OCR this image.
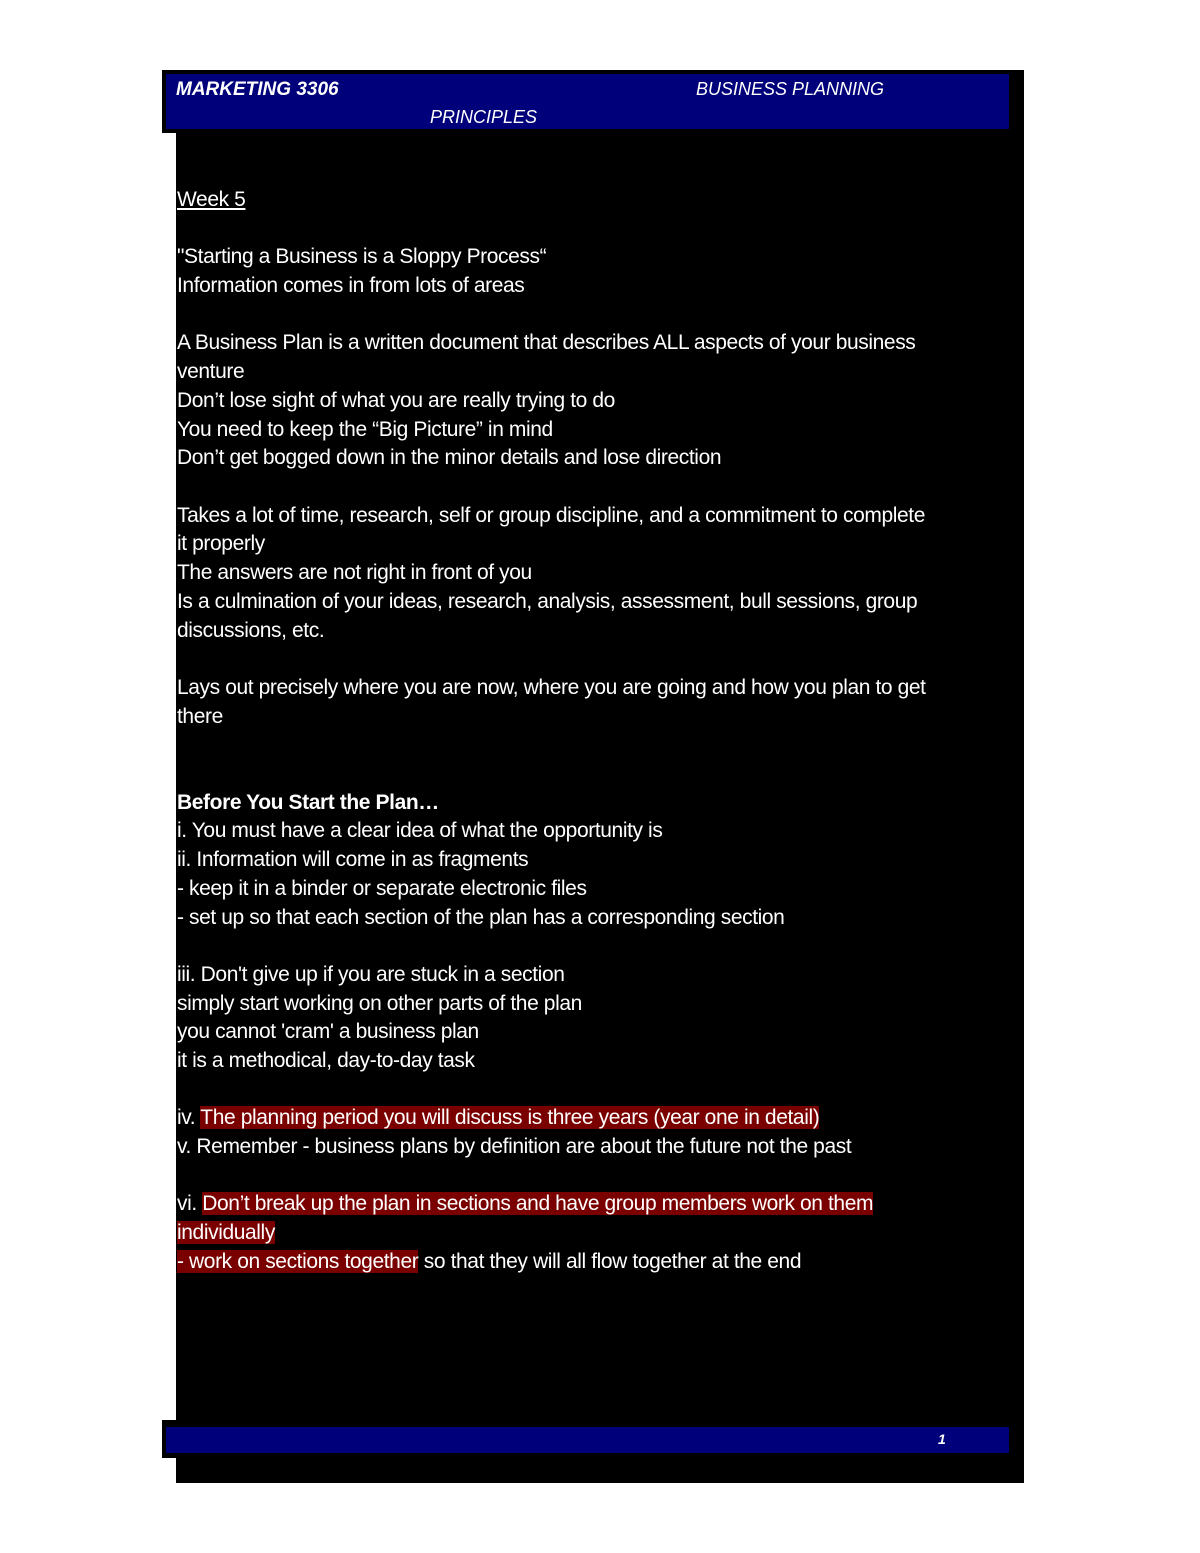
MARKETING 3306	BUSINESS PLANNING
PRINCIPLES
Week 5
"Starting a Business is a Sloppy Process“
Information comes in from lots of areas
A Business Plan is a written document that describes ALL aspects of your business
venture
Don’t lose sight of what you are really trying to do
You need to keep the “Big Picture” in mind
Don’t get bogged down in the minor details and lose direction
Takes a lot of time, research, self or group discipline, and a commitment to complete
it properly
The answers are not right in front of you
Is a culmination of your ideas, research, analysis, assessment, bull sessions, group
discussions, etc.
Lays out precisely where you are now, where you are going and how you plan to get
there
Before You Start the Plan…
i. You must have a clear idea of what the opportunity is
ii. Information will come in as fragments
- keep it in a binder or separate electronic files
- set up so that each section of the plan has a corresponding section
iii. Don't give up if you are stuck in a section
simply start working on other parts of the plan
you cannot 'cram' a business plan
it is a methodical, day-to-day task
iv. The planning period you will discuss is three years (year one in detail)
v. Remember - business plans by definition are about the future not the past
vi. Don’t break up the plan in sections and have group members work on them
individually
- work on sections together so that they will all flow together at the end
1
